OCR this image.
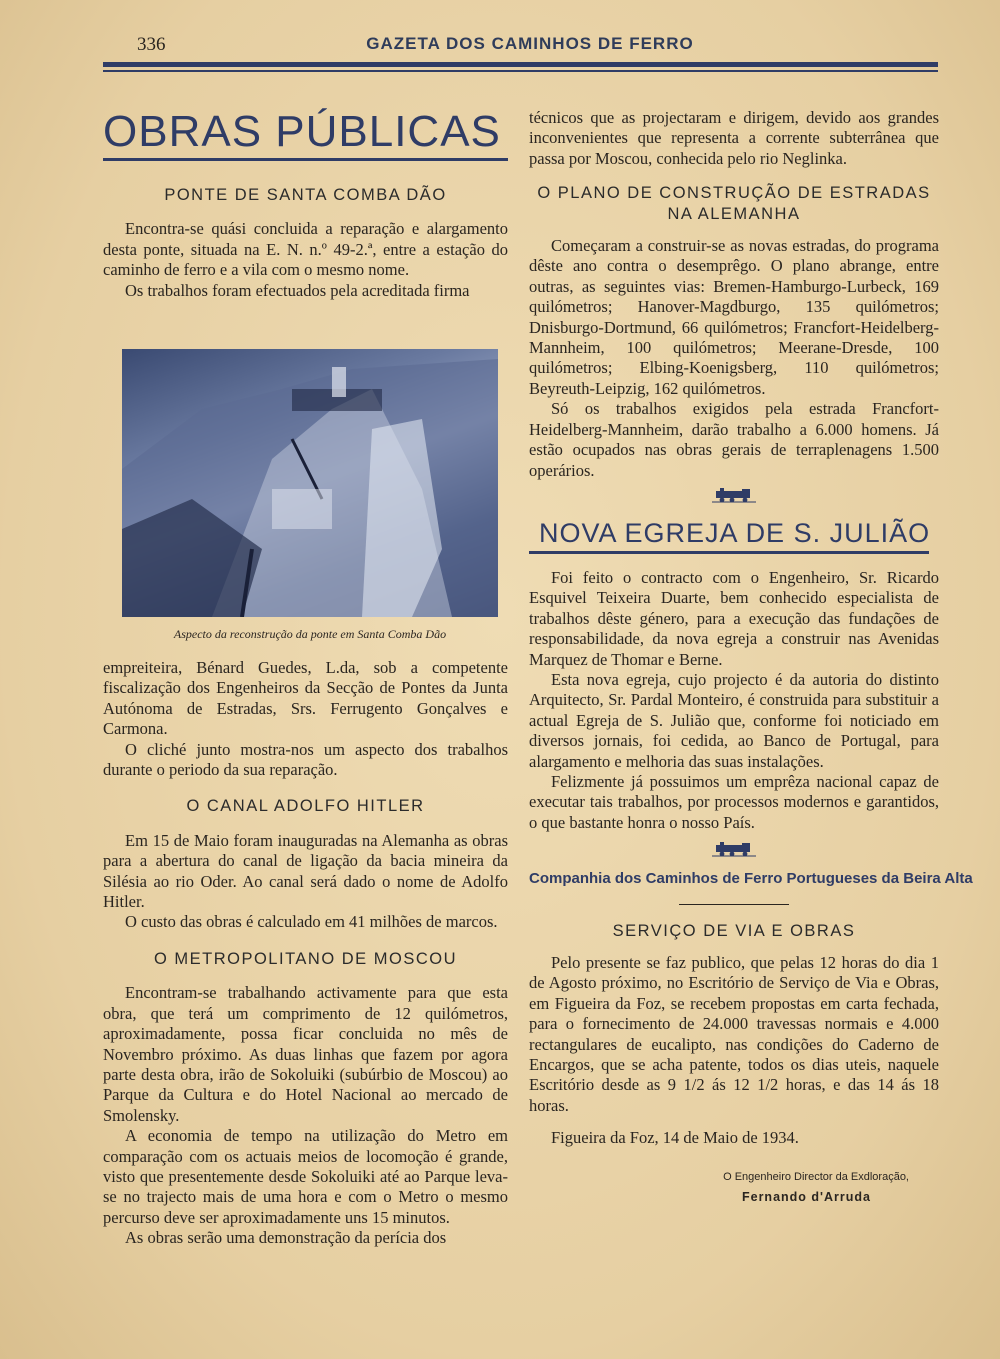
336	GAZETA DOS CAMINHOS DE FERRO
OBRAS PÚBLICAS
PONTE DE SANTA COMBA DÃO

Encontra-se quási concluida a reparação e alargamento desta ponte, situada na E. N. n.º 49-2.ª, entre a estação do caminho de ferro e a vila com o mesmo nome.

Os trabalhos foram efectuados pela acreditada firma

Aspecto da reconstrução da ponte em Santa Comba Dão

empreiteira, Bénard Guedes, L.da, sob a competente fiscalização dos Engenheiros da Secção de Pontes da Junta Autónoma de Estradas, Srs. Ferrugento Gonçalves e Carmona.

O cliché junto mostra-nos um aspecto dos trabalhos durante o periodo da sua reparação.

O CANAL ADOLFO HITLER

Em 15 de Maio foram inauguradas na Alemanha as obras para a abertura do canal de ligação da bacia mineira da Silésia ao rio Oder. Ao canal será dado o nome de Adolfo Hitler.

O custo das obras é calculado em 41 milhões de marcos.

O METROPOLITANO DE MOSCOU

Encontram-se trabalhando activamente para que esta obra, que terá um comprimento de 12 quilómetros, aproximadamente, possa ficar concluida no mês de Novembro próximo. As duas linhas que fazem por agora parte desta obra, irão de Sokoluiki (subúrbio de Moscou) ao Parque da Cultura e do Hotel Nacional ao mercado de Smolensky.

A economia de tempo na utilização do Metro em comparação com os actuais meios de locomoção é grande, visto que presentemente desde Sokoluiki até ao Parque leva-se no trajecto mais de uma hora e com o Metro o mesmo percurso deve ser aproximadamente uns 15 minutos.

As obras serão uma demonstração da perícia dos

técnicos que as projectaram e dirigem, devido aos grandes inconvenientes que representa a corrente subterrânea que passa por Moscou, conhecida pelo rio Neglinka.

O PLANO DE CONSTRUÇÃO DE ESTRADAS
NA ALEMANHA

Começaram a construir-se as novas estradas, do programa dêste ano contra o desemprêgo. O plano abrange, entre outras, as seguintes vias: Bremen-Hamburgo-Lurbeck, 169 quilómetros; Hanover-Magdburgo, 135 quilómetros; Dnisburgo-Dortmund, 66 quilómetros; Francfort-Heidelberg-Mannheim, 100 quilómetros; Meerane-Dresde, 100 quilómetros; Elbing-Koenigsberg, 110 quilómetros; Beyreuth-Leipzig, 162 quilómetros.

Só os trabalhos exigidos pela estrada Francfort-Heidelberg-Mannheim, darão trabalho a 6.000 homens. Já estão ocupados nas obras gerais de terraplenagens 1.500 operários.

NOVA EGREJA DE S. JULIÃO

Foi feito o contracto com o Engenheiro, Sr. Ricardo Esquivel Teixeira Duarte, bem conhecido especialista de trabalhos dêste género, para a execução das fundações de responsabilidade, da nova egreja a construir nas Avenidas Marquez de Thomar e Berne.

Esta nova egreja, cujo projecto é da autoria do distinto Arquitecto, Sr. Pardal Monteiro, é construida para substituir a actual Egreja de S. Julião que, conforme foi noticiado em diversos jornais, foi cedida, ao Banco de Portugal, para alargamento e melhoria das suas instalações.

Felizmente já possuimos um emprêza nacional capaz de executar tais trabalhos, por processos modernos e garantidos, o que bastante honra o nosso País.

Companhia dos Caminhos de Ferro Portugueses da Beira Alta
SERVIÇO DE VIA E OBRAS

Pelo presente se faz publico, que pelas 12 horas do dia 1 de Agosto próximo, no Escritório de Serviço de Via e Obras, em Figueira da Foz, se recebem propostas em carta fechada, para o fornecimento de 24.000 travessas normais e 4.000 rectangulares de eucalipto, nas condições do Caderno de Encargos, que se acha patente, todos os dias uteis, naquele Escritório desde as 9 1/2 ás 12 1/2 horas, e das 14 ás 18 horas.

Figueira da Foz, 14 de Maio de 1934.

O Engenheiro Director da Exdloração,
Fernando d'Arruda
